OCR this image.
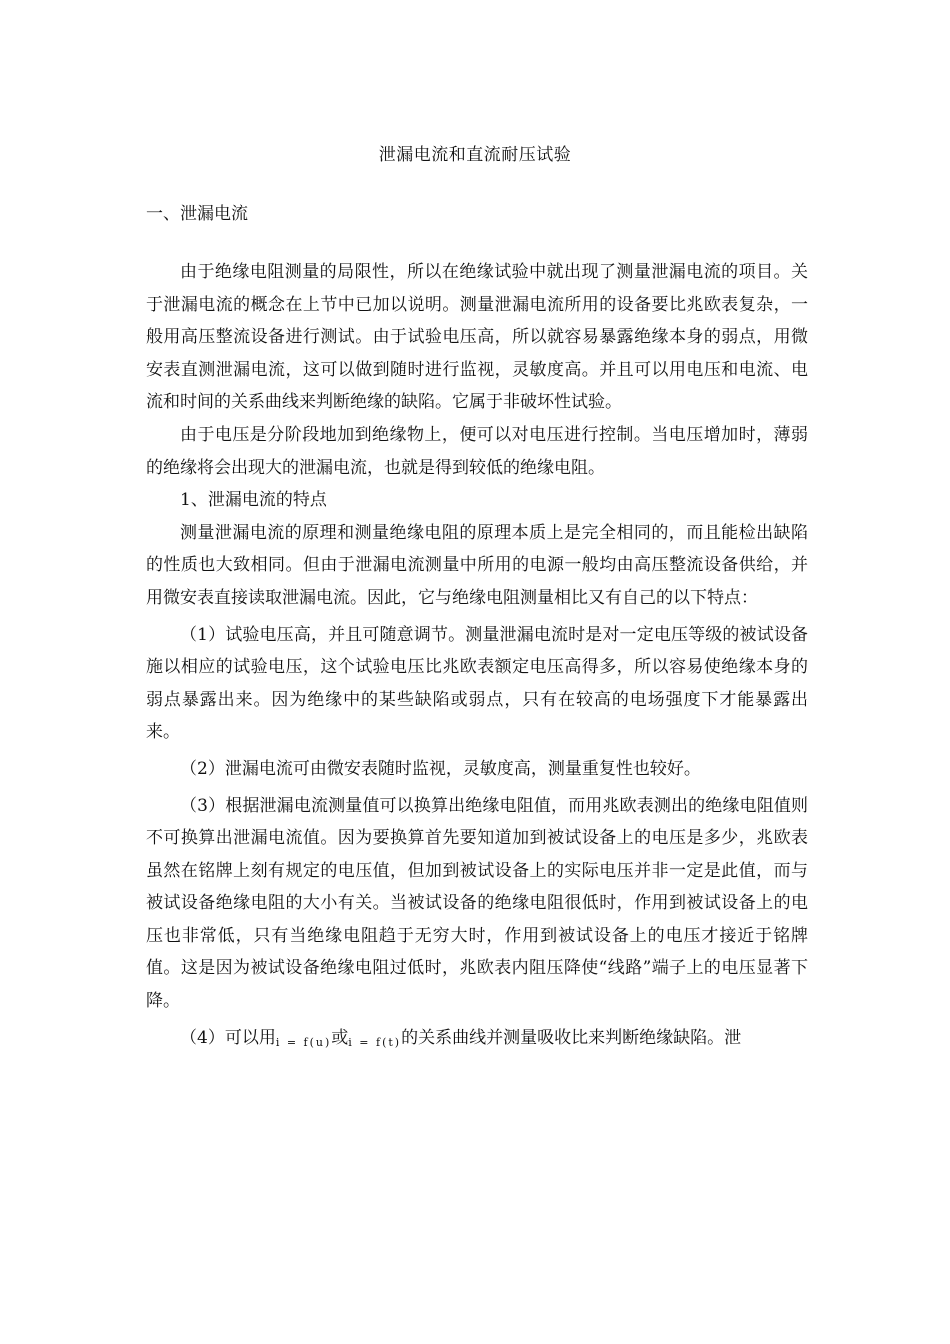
泄漏电流和直流耐压试验
一、泄漏电流

由于绝缘电阻测量的局限性，所以在绝缘试验中就出现了测量泄漏电流的项目。关于泄漏电流的概念在上节中已加以说明。测量泄漏电流所用的设备要比兆欧表复杂，一般用高压整流设备进行测试。由于试验电压高，所以就容易暴露绝缘本身的弱点，用微安表直测泄漏电流，这可以做到随时进行监视，灵敏度高。并且可以用电压和电流、电流和时间的关系曲线来判断绝缘的缺陷。它属于非破坏性试验。

由于电压是分阶段地加到绝缘物上，便可以对电压进行控制。当电压增加时，薄弱的绝缘将会出现大的泄漏电流，也就是得到较低的绝缘电阻。

1、泄漏电流的特点

测量泄漏电流的原理和测量绝缘电阻的原理本质上是完全相同的，而且能检出缺陷的性质也大致相同。但由于泄漏电流测量中所用的电源一般均由高压整流设备供给，并用微安表直接读取泄漏电流。因此，它与绝缘电阻测量相比又有自己的以下特点：

（1）试验电压高，并且可随意调节。测量泄漏电流时是对一定电压等级的被试设备施以相应的试验电压，这个试验电压比兆欧表额定电压高得多，所以容易使绝缘本身的弱点暴露出来。因为绝缘中的某些缺陷或弱点，只有在较高的电场强度下才能暴露出来。

（2）泄漏电流可由微安表随时监视，灵敏度高，测量重复性也较好。

（3）根据泄漏电流测量值可以换算出绝缘电阻值，而用兆欧表测出的绝缘电阻值则不可换算出泄漏电流值。因为要换算首先要知道加到被试设备上的电压是多少，兆欧表虽然在铭牌上刻有规定的电压值，但加到被试设备上的实际电压并非一定是此值，而与被试设备绝缘电阻的大小有关。当被试设备的绝缘电阻很低时，作用到被试设备上的电压也非常低，只有当绝缘电阻趋于无穷大时，作用到被试设备上的电压才接近于铭牌值。这是因为被试设备绝缘电阻过低时，兆欧表内阻压降使“线路”端子上的电压显著下降。

（4）可以用i = f(u)或i = f(t)的关系曲线并测量吸收比来判断绝缘缺陷。泄
